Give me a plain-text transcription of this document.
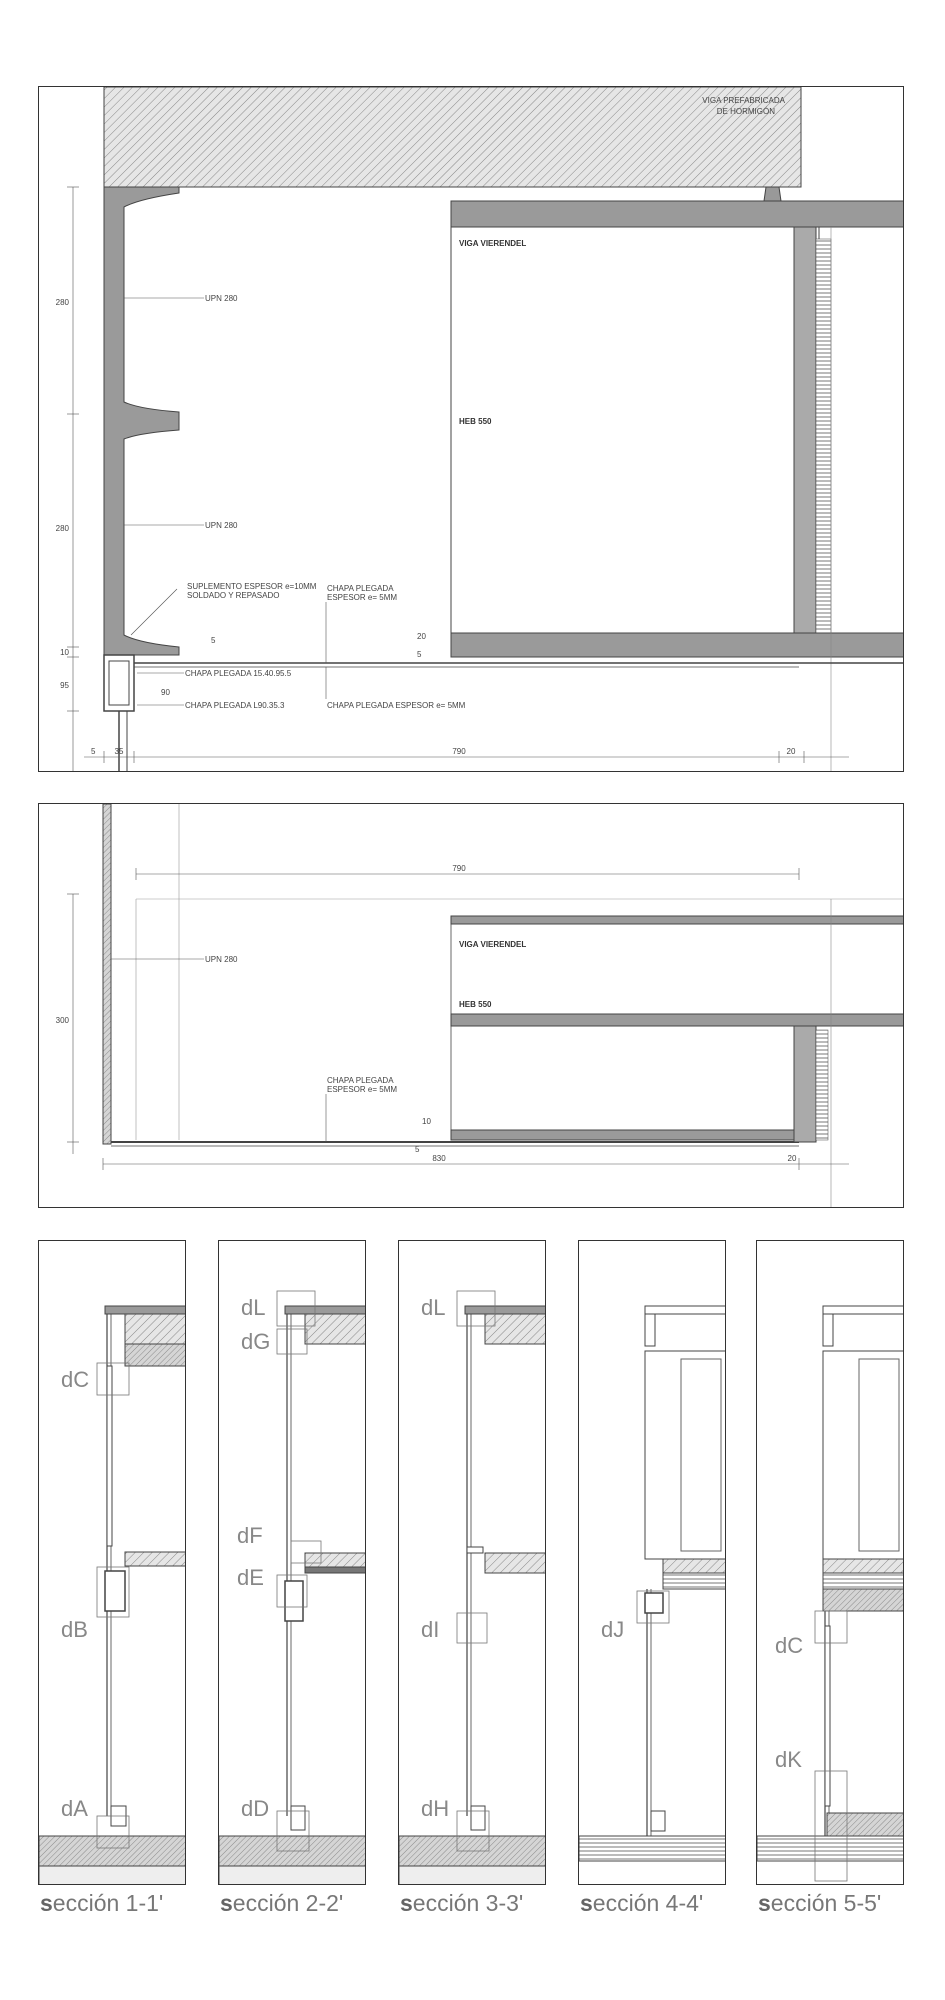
VIGA PREFABRICADA
DE HORMIGÓN
VIGA VIERENDEL
HEB 550
UPN 280
UPN 280
SUPLEMENTO ESPESOR e=10MM
SOLDADO Y REPASADO
CHAPA PLEGADA
ESPESOR e= 5MM
CHAPA PLEGADA 15.40.95.5
CHAPA PLEGADA L90.35.3	CHAPA PLEGADA ESPESOR e= 5MM
280
280
10
95
5 35	790	20
5
90
20
5
VIGA VIERENDEL
HEB 550
UPN 280
CHAPA PLEGADA
ESPESOR e= 5MM
790
300
830	20
10
5
dC
dB
dA
sección 1-1'
dL
dG
dF
dE
dD
sección 2-2'
dL
dI
dH
sección 3-3'
dJ
sección 4-4'
dC
dK
sección 5-5'
